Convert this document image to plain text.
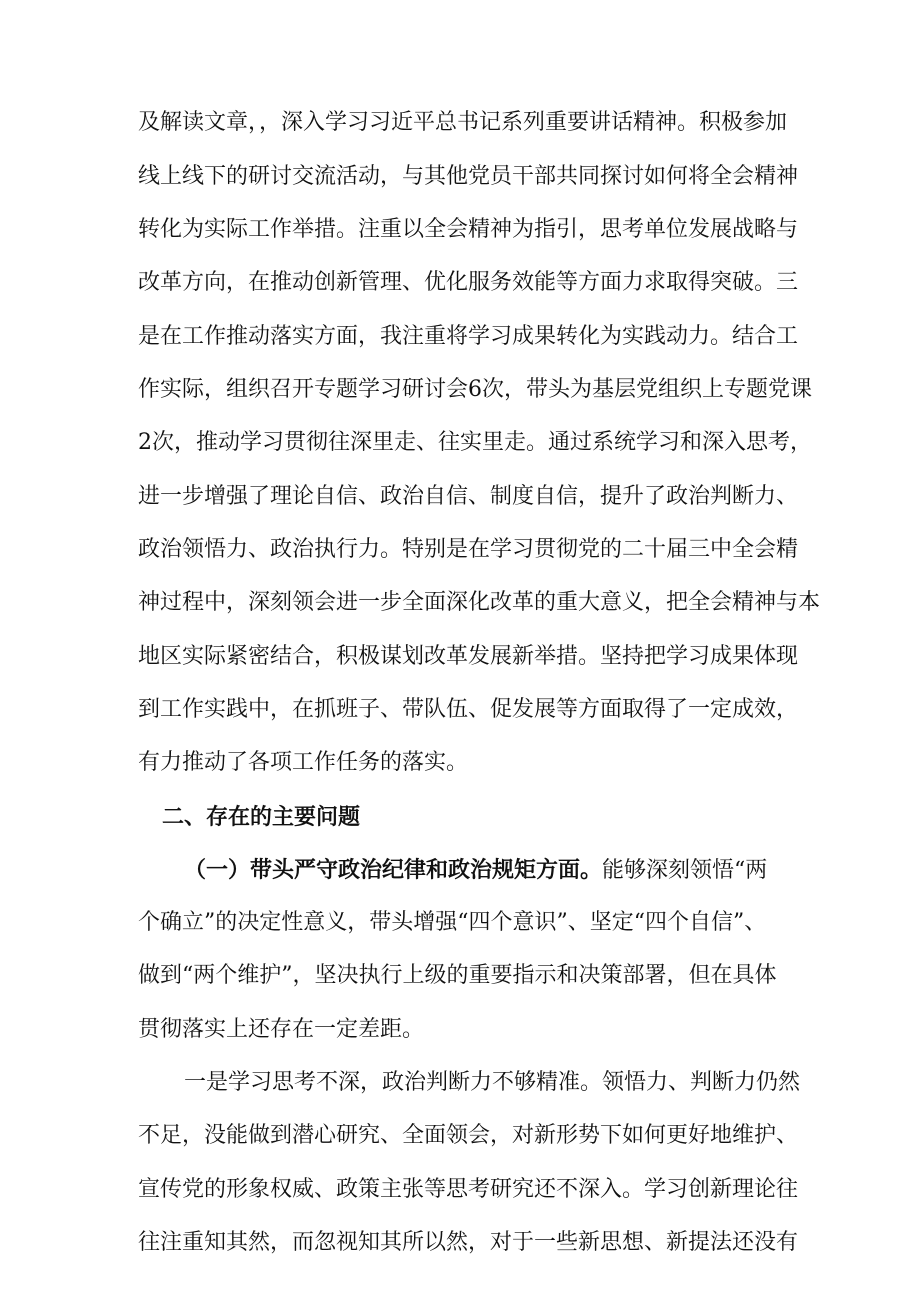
及解读文章，，深入学习习近平总书记系列重要讲话精神。积极参加
线上线下的研讨交流活动，与其他党员干部共同探讨如何将全会精神
转化为实际工作举措。注重以全会精神为指引，思考单位发展战略与
改革方向，在推动创新管理、优化服务效能等方面力求取得突破。三
是在工作推动落实方面，我注重将学习成果转化为实践动力。结合工
作实际，组织召开专题学习研讨会6次，带头为基层党组织上专题党课
2次，推动学习贯彻往深里走、往实里走。通过系统学习和深入思考，
进一步增强了理论自信、政治自信、制度自信，提升了政治判断力、
政治领悟力、政治执行力。特别是在学习贯彻党的二十届三中全会精
神过程中，深刻领会进一步全面深化改革的重大意义，把全会精神与本
地区实际紧密结合，积极谋划改革发展新举措。坚持把学习成果体现
到工作实践中，在抓班子、带队伍、促发展等方面取得了一定成效，
有力推动了各项工作任务的落实。
二、存在的主要问题
（一）带头严守政治纪律和政治规矩方面。能够深刻领悟“两
个确立”的决定性意义，带头增强“四个意识”、坚定“四个自信”、
做到“两个维护”，坚决执行上级的重要指示和决策部署，但在具体
贯彻落实上还存在一定差距。
一是学习思考不深，政治判断力不够精准。领悟力、判断力仍然
不足，没能做到潜心研究、全面领会，对新形势下如何更好地维护、
宣传党的形象权威、政策主张等思考研究还不深入。学习创新理论往
往注重知其然，而忽视知其所以然，对于一些新思想、新提法还没有
